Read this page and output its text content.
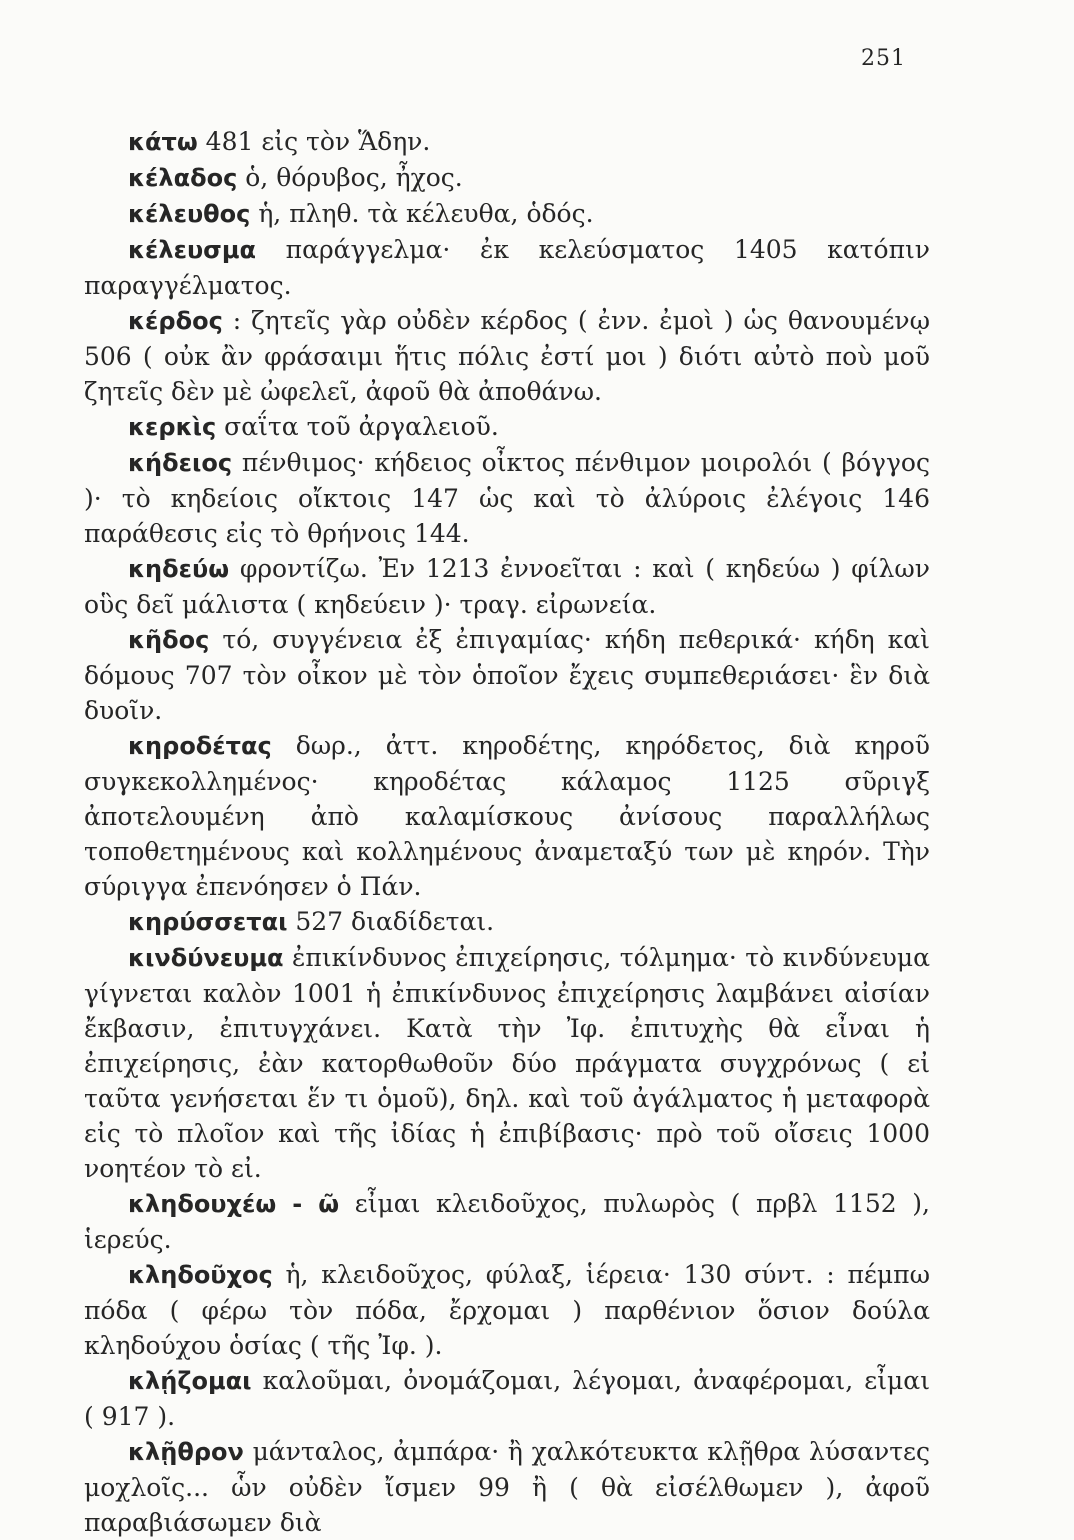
251

κάτω 481 εἰς τὸν Ἅδην.

κέλαδος ὁ, θόρυβος, ἦχος.

κέλευθος ἡ, πληθ. τὰ κέλευθα, ὁδός.

κέλευσμα παράγγελμα· ἐκ κελεύσματος 1405 κατόπιν παραγγέλματος.

κέρδος : ζητεῖς γὰρ οὐδὲν κέρδος ( ἐνν. ἐμοὶ ) ὡς θανουμένῳ 506 ( οὐκ ἂν φράσαιμι ἥτις πόλις ἐστί μοι ) διότι αὐτὸ ποὺ μοῦ ζητεῖς δὲν μὲ ὠφελεῖ, ἀφοῦ θὰ ἀποθάνω.

κερκὶς σαΐτα τοῦ ἀργαλειοῦ.

κήδειος πένθιμος· κήδειος οἶκτος πένθιμον μοιρολόι ( βόγγος )· τὸ κηδείοις οἴκτοις 147 ὡς καὶ τὸ ἀλύροις ἐλέγοις 146 παράθεσις εἰς τὸ θρήνοις 144.

κηδεύω φροντίζω. Ἐν 1213 ἐννοεῖται : καὶ ( κηδεύω ) φίλων οὓς δεῖ μάλιστα ( κηδεύειν )· τραγ. εἰρωνεία.

κῆδος τό, συγγένεια ἐξ ἐπιγαμίας· κήδη πεθερικά· κήδη καὶ δόμους 707 τὸν οἶκον μὲ τὸν ὁποῖον ἔχεις συμπεθεριάσει· ἓν διὰ δυοῖν.

κηροδέτας δωρ., ἀττ. κηροδέτης, κηρόδετος, διὰ κηροῦ συγκεκολλημένος· κηροδέτας κάλαμος 1125 σῦριγξ ἀποτελουμένη ἀπὸ καλαμίσκους ἀνίσους παραλλήλως τοποθετημένους καὶ κολλημένους ἀναμεταξύ των μὲ κηρόν. Τὴν σύριγγα ἐπενόησεν ὁ Πάν.

κηρύσσεται 527 διαδίδεται.

κινδύνευμα ἐπικίνδυνος ἐπιχείρησις, τόλμημα· τὸ κινδύνευμα γίγνεται καλὸν 1001 ἡ ἐπικίνδυνος ἐπιχείρησις λαμβάνει αἰσίαν ἔκβασιν, ἐπιτυγχάνει. Κατὰ τὴν Ἰφ. ἐπιτυχὴς θὰ εἶναι ἡ ἐπιχείρησις, ἐὰν κατορθωθοῦν δύο πράγματα συγχρόνως ( εἰ ταῦτα γενήσεται ἕν τι ὁμοῦ), δηλ. καὶ τοῦ ἀγάλματος ἡ μεταφορὰ εἰς τὸ πλοῖον καὶ τῆς ἰδίας ἡ ἐπιβίβασις· πρὸ τοῦ οἴσεις 1000 νοητέον τὸ εἰ.

κληδουχέω - ῶ εἶμαι κλειδοῦχος, πυλωρὸς ( πρβλ 1152 ), ἱερεύς.

κληδοῦχος ἡ, κλειδοῦχος, φύλαξ, ἱέρεια· 130 σύντ. : πέμπω πόδα ( φέρω τὸν πόδα, ἔρχομαι ) παρθένιον ὅσιον δούλα κληδούχου ὁσίας ( τῆς Ἰφ. ).

κλῄζομαι καλοῦμαι, ὀνομάζομαι, λέγομαι, ἀναφέρομαι, εἶμαι ( 917 ).

κλῇθρον μάνταλος, ἀμπάρα· ἢ χαλκότευκτα κλῇθρα λύσαντες μοχλοῖς... ὧν οὐδὲν ἴσμεν 99 ἢ ( θὰ εἰσέλθωμεν ), ἀφοῦ παραβιάσωμεν διὰ
